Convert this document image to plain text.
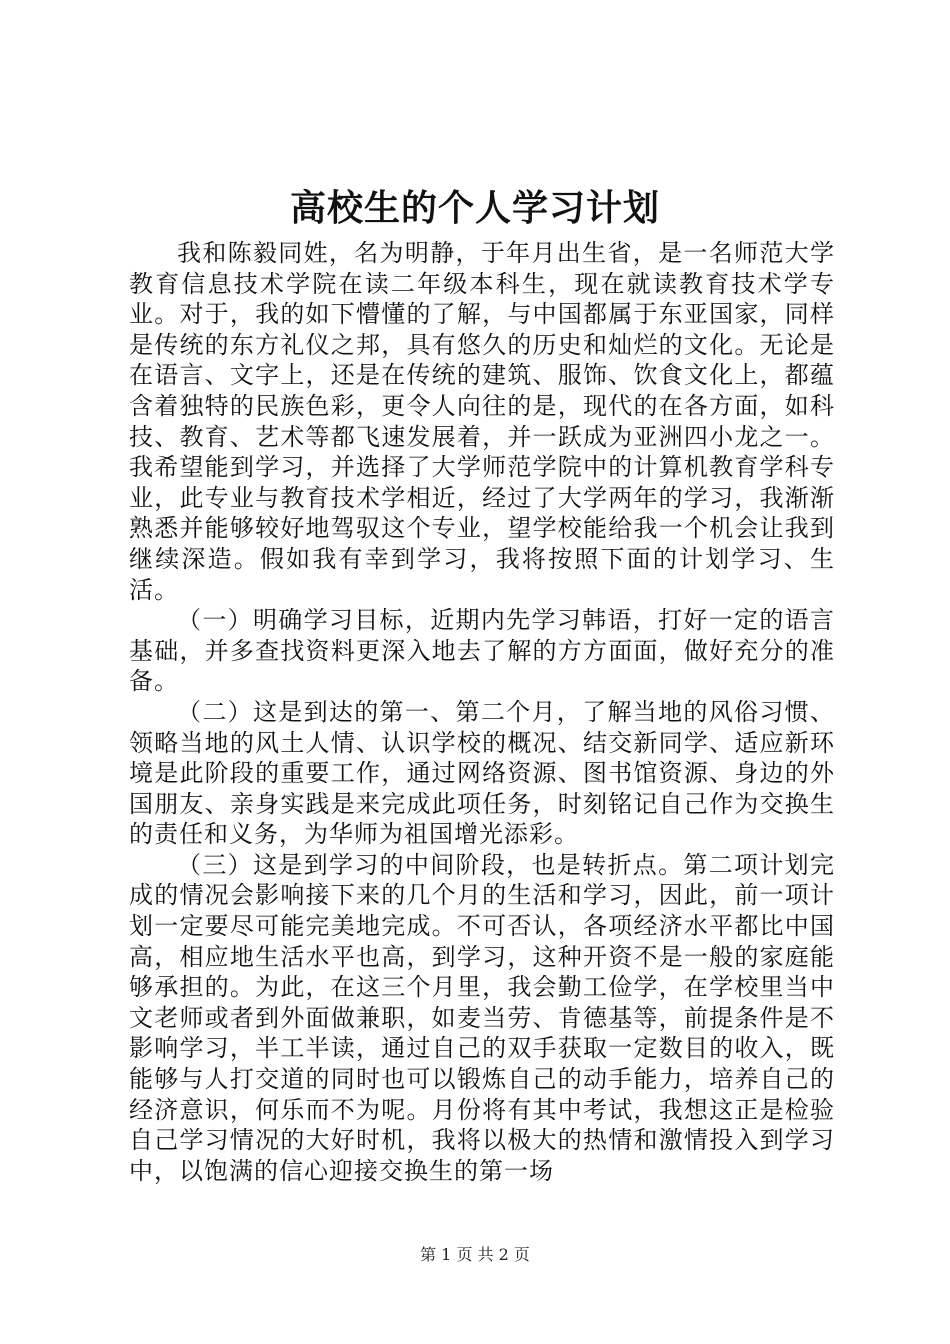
高校生的个人学习计划

我和陈毅同姓，名为明静，于年月出生省，是一名师范大学教育信息技术学院在读二年级本科生，现在就读教育技术学专业。对于，我的如下懵懂的了解，与中国都属于东亚国家，同样是传统的东方礼仪之邦，具有悠久的历史和灿烂的文化。无论是在语言、文字上，还是在传统的建筑、服饰、饮食文化上，都蕴含着独特的民族色彩，更令人向往的是，现代的在各方面，如科技、教育、艺术等都飞速发展着，并一跃成为亚洲四小龙之一。我希望能到学习，并选择了大学师范学院中的计算机教育学科专业，此专业与教育技术学相近，经过了大学两年的学习，我渐渐熟悉并能够较好地驾驭这个专业，望学校能给我一个机会让我到继续深造。假如我有幸到学习，我将按照下面的计划学习、生活。

（一）明确学习目标，近期内先学习韩语，打好一定的语言基础，并多查找资料更深入地去了解的方方面面，做好充分的准备。

（二）这是到达的第一、第二个月，了解当地的风俗习惯、领略当地的风土人情、认识学校的概况、结交新同学、适应新环境是此阶段的重要工作，通过网络资源、图书馆资源、身边的外国朋友、亲身实践是来完成此项任务，时刻铭记自己作为交换生的责任和义务，为华师为祖国增光添彩。

（三）这是到学习的中间阶段，也是转折点。第二项计划完成的情况会影响接下来的几个月的生活和学习，因此，前一项计划一定要尽可能完美地完成。不可否认，各项经济水平都比中国高，相应地生活水平也高，到学习，这种开资不是一般的家庭能够承担的。为此，在这三个月里，我会勤工俭学，在学校里当中文老师或者到外面做兼职，如麦当劳、肯德基等，前提条件是不影响学习，半工半读，通过自己的双手获取一定数目的收入，既能够与人打交道的同时也可以锻炼自己的动手能力，培养自己的经济意识，何乐而不为呢。月份将有其中考试，我想这正是检验自己学习情况的大好时机，我将以极大的热情和激情投入到学习中，以饱满的信心迎接交换生的第一场

第 1 页 共 2 页
